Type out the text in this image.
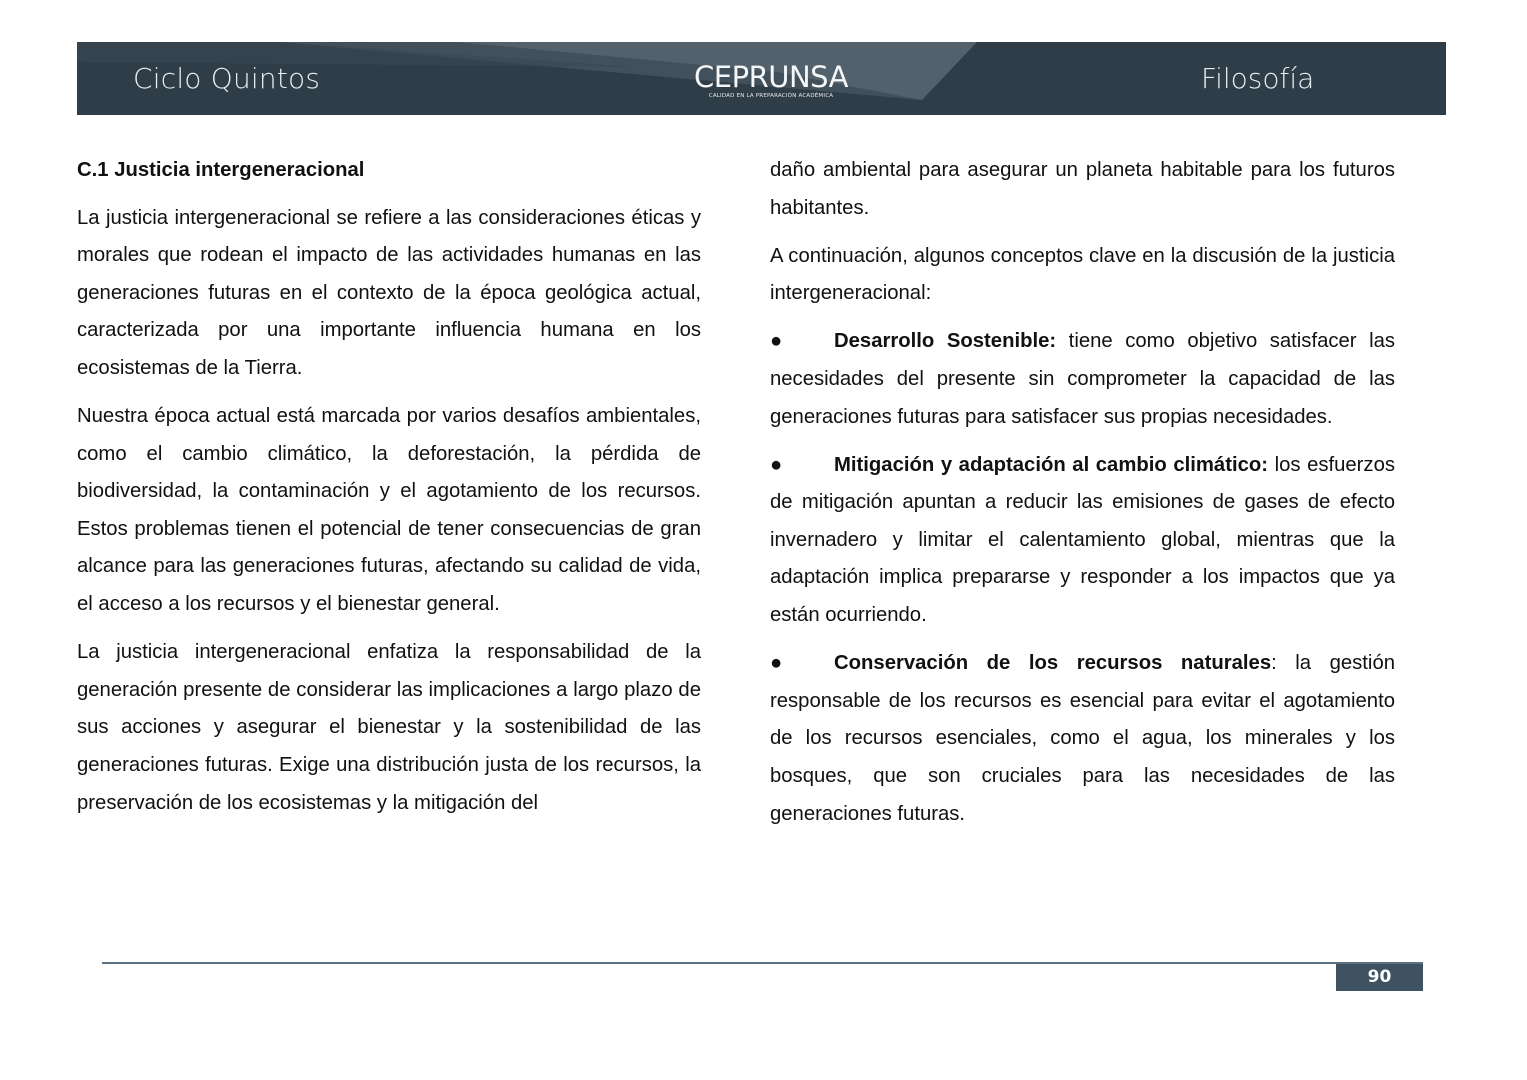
Ciclo Quintos	CEPRUNSA
CALIDAD EN LA PREPARACIÓN ACADÉMICA
Filosofía
C.1 Justicia intergeneracional

La justicia intergeneracional se refiere a las consideraciones éticas y morales que rodean el impacto de las actividades humanas en las generaciones futuras en el contexto de la época geológica actual, caracterizada por una importante influencia humana en los ecosistemas de la Tierra.

Nuestra época actual está marcada por varios desafíos ambientales, como el cambio climático, la deforestación, la pérdida de biodiversidad, la contaminación y el agotamiento de los recursos. Estos problemas tienen el potencial de tener consecuencias de gran alcance para las generaciones futuras, afectando su calidad de vida, el acceso a los recursos y el bienestar general.

La justicia intergeneracional enfatiza la responsabilidad de la generación presente de considerar las implicaciones a largo plazo de sus acciones y asegurar el bienestar y la sostenibilidad de las generaciones futuras. Exige una distribución justa de los recursos, la preservación de los ecosistemas y la mitigación del

daño ambiental para asegurar un planeta habitable para los futuros habitantes.

A continuación, algunos conceptos clave en la discusión de la justicia intergeneracional:

●	Desarrollo Sostenible: tiene como objetivo satisfacer las necesidades del presente sin comprometer la capacidad de las generaciones futuras para satisfacer sus propias necesidades.

●	Mitigación y adaptación al cambio climático: los esfuerzos de mitigación apuntan a reducir las emisiones de gases de efecto invernadero y limitar el calentamiento global, mientras que la adaptación implica prepararse y responder a los impactos que ya están ocurriendo.

●	Conservación de los recursos naturales: la gestión responsable de los recursos es esencial para evitar el agotamiento de los recursos esenciales, como el agua, los minerales y los bosques, que son cruciales para las necesidades de las generaciones futuras.

90
